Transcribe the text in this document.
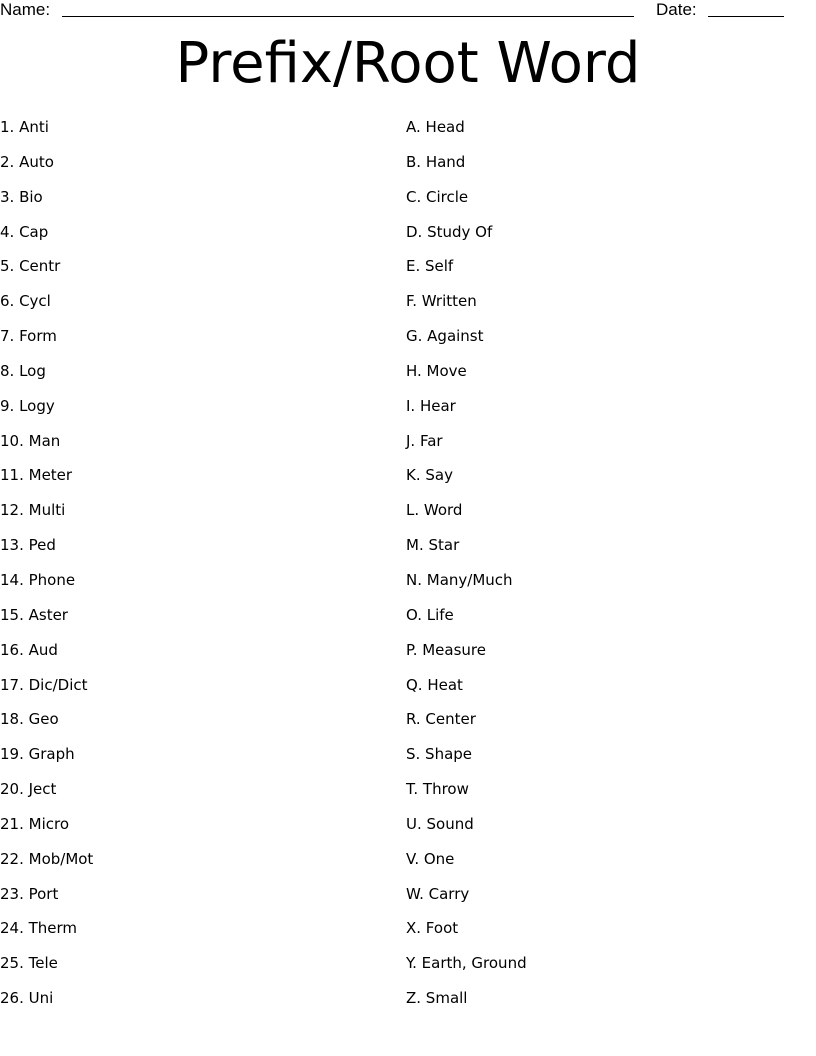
Name:	Date:
Prefix/Root Word
1. Anti
2. Auto
3. Bio
4. Cap
5. Centr
6. Cycl
7. Form
8. Log
9. Logy
10. Man
11. Meter
12. Multi
13. Ped
14. Phone
15. Aster
16. Aud
17. Dic/Dict
18. Geo
19. Graph
20. Ject
21. Micro
22. Mob/Mot
23. Port
24. Therm
25. Tele
26. Uni
A. Head
B. Hand
C. Circle
D. Study Of
E. Self
F. Written
G. Against
H. Move
I. Hear
J. Far
K. Say
L. Word
M. Star
N. Many/Much
O. Life
P. Measure
Q. Heat
R. Center
S. Shape
T. Throw
U. Sound
V. One
W. Carry
X. Foot
Y. Earth, Ground
Z. Small
